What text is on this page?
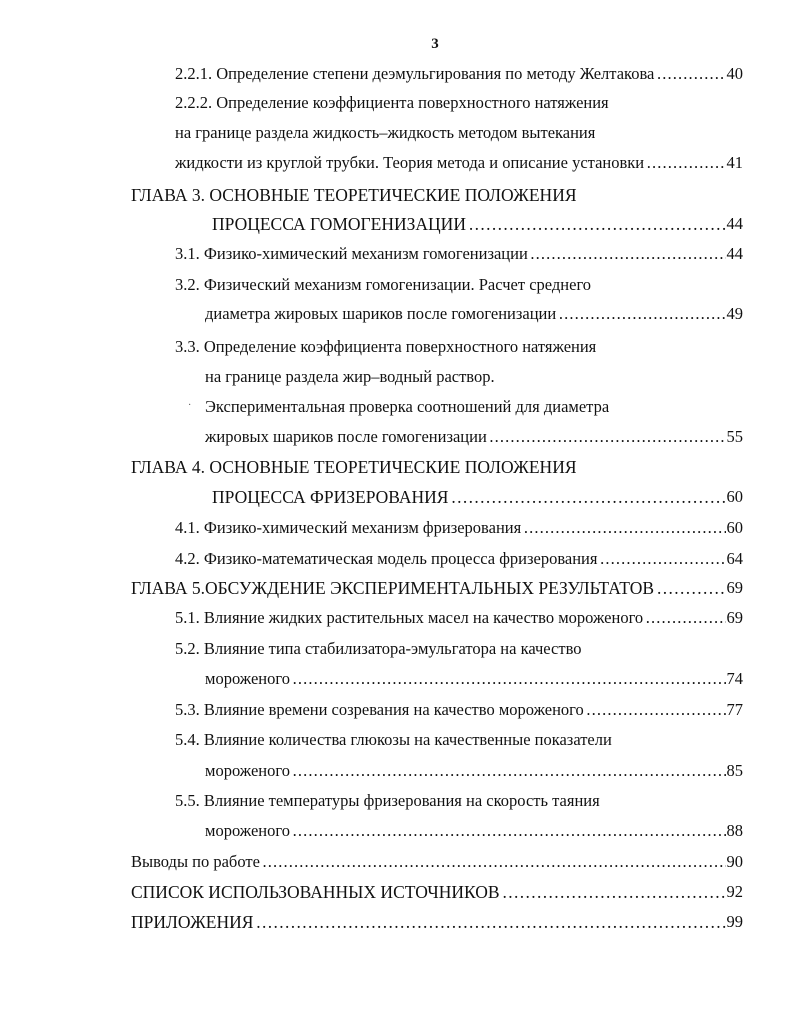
3
2.2.1. Определение степени деэмульгирования по методу Желтакова . . .	40
2.2.2. Определение коэффициента поверхностного натяжения
на границе раздела жидкость–жидкость методом вытекания
жидкости из круглой трубки. Теория метода и описание установки . . .	41
ГЛАВА 3. ОСНОВНЫЕ ТЕОРЕТИЧЕСКИЕ ПОЛОЖЕНИЯ
ПРОЦЕССА ГОМОГЕНИЗАЦИИ . . .	44
3.1. Физико-химический механизм гомогенизации . . .	44
3.2. Физический механизм гомогенизации. Расчет среднего
диаметра жировых шариков после гомогенизации . . .	49
3.3. Определение коэффициента поверхностного натяжения
на границе раздела жир–водный раствор.
· Экспериментальная проверка соотношений для диаметра
жировых шариков после гомогенизации . . .	55
ГЛАВА 4. ОСНОВНЫЕ ТЕОРЕТИЧЕСКИЕ ПОЛОЖЕНИЯ
ПРОЦЕССА ФРИЗЕРОВАНИЯ . . .	60
4.1. Физико-химический механизм фризерования . . .	60
4.2. Физико-математическая модель процесса фризерования . . .	64
ГЛАВА 5.ОБСУЖДЕНИЕ ЭКСПЕРИМЕНТАЛЬНЫХ РЕЗУЛЬТАТОВ . . .	69
5.1. Влияние жидких растительных масел на качество мороженого . . .	69
5.2. Влияние типа стабилизатора-эмульгатора на качество
мороженого . . .	74
5.3. Влияние времени созревания на качество мороженого . . .	77
5.4. Влияние количества глюкозы на качественные показатели
мороженого . . .	85
5.5. Влияние температуры фризерования на скорость таяния
мороженого . . .	88
Выводы по работе . . .	90
СПИСОК ИСПОЛЬЗОВАННЫХ ИСТОЧНИКОВ . . .	92
ПРИЛОЖЕНИЯ . . .	99
